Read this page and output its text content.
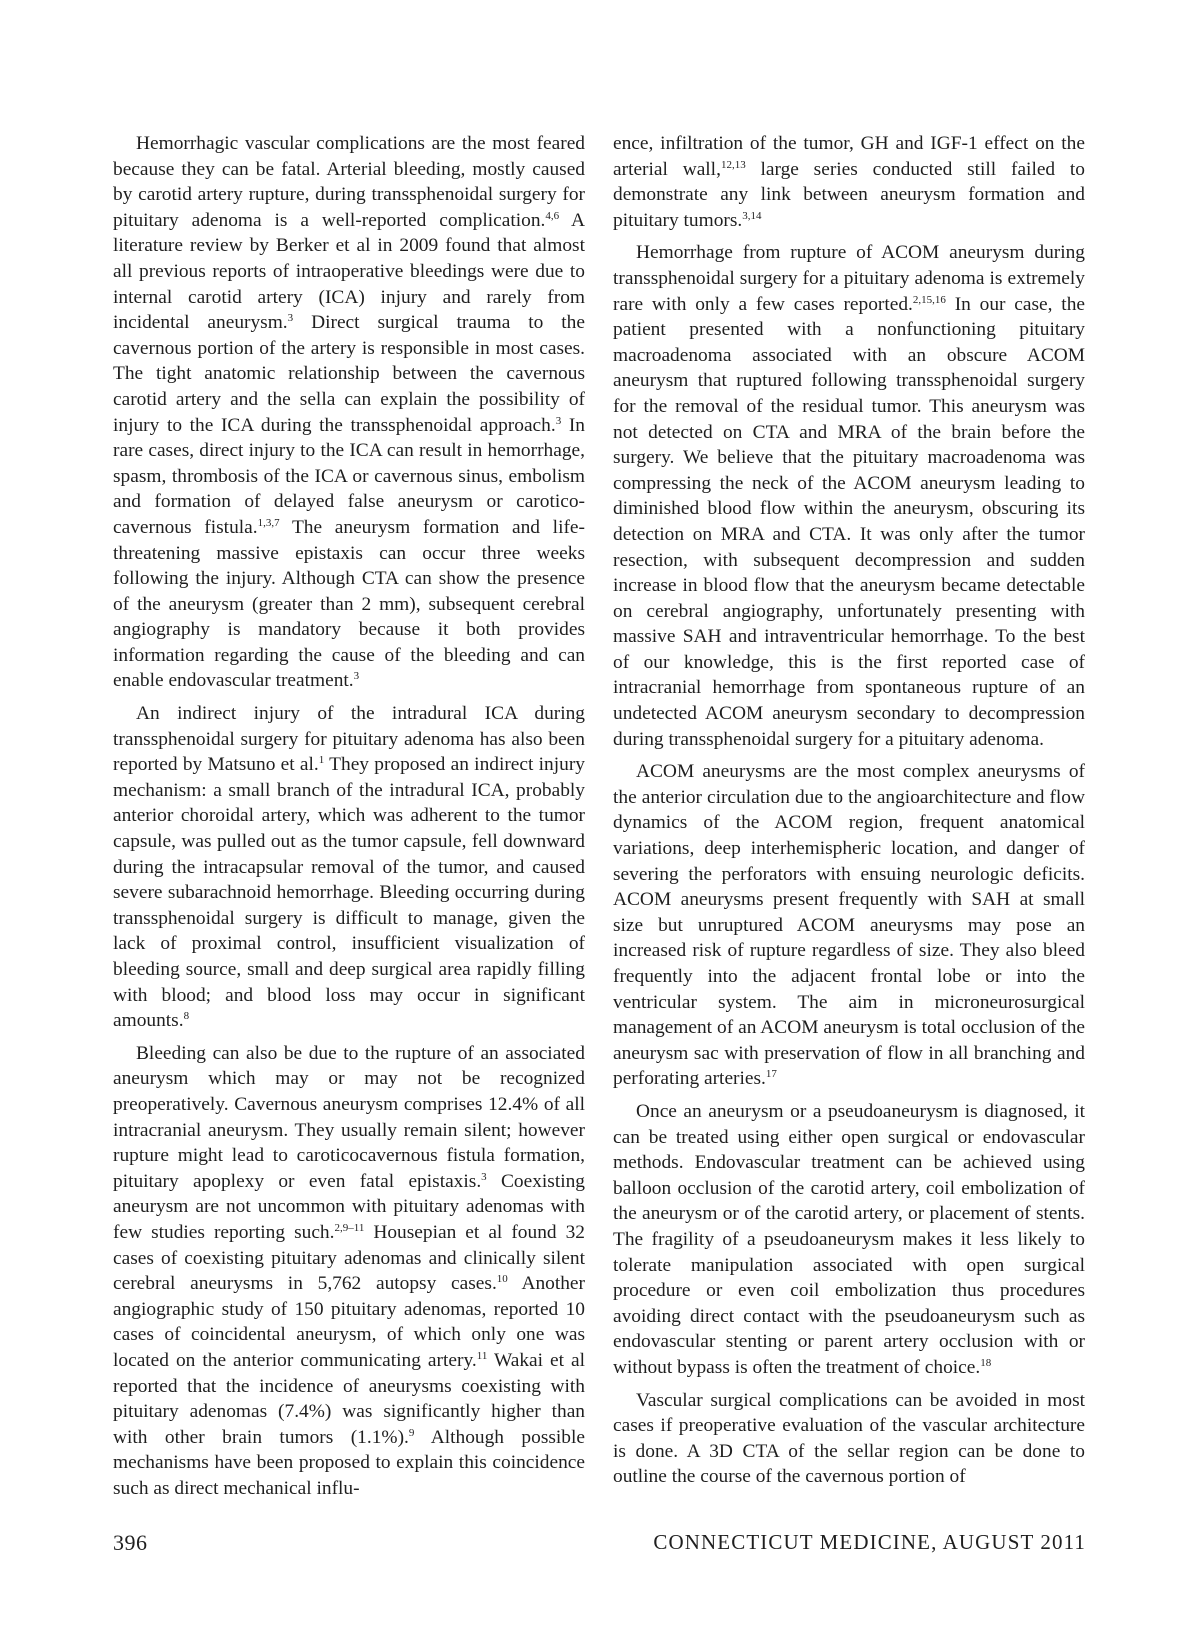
Hemorrhagic vascular complications are the most feared because they can be fatal. Arterial bleeding, mostly caused by carotid artery rupture, during transsphenoidal surgery for pituitary adenoma is a well-reported complication.$^{4,6}$ A literature review by Berker et al in 2009 found that almost all previous reports of intraoperative bleedings were due to internal carotid artery (ICA) injury and rarely from incidental aneurysm.$^3$ Direct surgical trauma to the cavernous portion of the artery is responsible in most cases. The tight anatomic relationship between the cavernous carotid artery and the sella can explain the possibility of injury to the ICA during the transsphenoidal approach.$^3$ In rare cases, direct injury to the ICA can result in hemorrhage, spasm, thrombosis of the ICA or cavernous sinus, embolism and formation of delayed false aneurysm or carotico-cavernous fistula.$^{1,3,7}$ The aneurysm formation and life-threatening massive epistaxis can occur three weeks following the injury. Although CTA can show the presence of the aneurysm (greater than 2 mm), subsequent cerebral angiography is mandatory because it both provides information regarding the cause of the bleeding and can enable endovascular treatment.$^3$

An indirect injury of the intradural ICA during transsphenoidal surgery for pituitary adenoma has also been reported by Matsuno et al.$^1$ They proposed an indirect injury mechanism: a small branch of the intradural ICA, probably anterior choroidal artery, which was adherent to the tumor capsule, was pulled out as the tumor capsule, fell downward during the intracapsular removal of the tumor, and caused severe subarachnoid hemorrhage. Bleeding occurring during transsphenoidal surgery is difficult to manage, given the lack of proximal control, insufficient visualization of bleeding source, small and deep surgical area rapidly filling with blood; and blood loss may occur in significant amounts.$^8$

Bleeding can also be due to the rupture of an associated aneurysm which may or may not be recognized preoperatively. Cavernous aneurysm comprises 12.4% of all intracranial aneurysm. They usually remain silent; however rupture might lead to caroticocavernous fistula formation, pituitary apoplexy or even fatal epistaxis.$^3$ Coexisting aneurysm are not uncommon with pituitary adenomas with few studies reporting such.$^{2,9-11}$ Housepian et al found 32 cases of coexisting pituitary adenomas and clinically silent cerebral aneurysms in 5,762 autopsy cases.$^{10}$ Another angiographic study of 150 pituitary adenomas, reported 10 cases of coincidental aneurysm, of which only one was located on the anterior communicating artery.$^{11}$ Wakai et al reported that the incidence of aneurysms coexisting with pituitary adenomas (7.4%) was significantly higher than with other brain tumors (1.1%).$^9$ Although possible mechanisms have been proposed to explain this coincidence such as direct mechanical influ-

ence, infiltration of the tumor, GH and IGF-1 effect on the arterial wall,$^{12,13}$ large series conducted still failed to demonstrate any link between aneurysm formation and pituitary tumors.$^{3,14}$

Hemorrhage from rupture of ACOM aneurysm during transsphenoidal surgery for a pituitary adenoma is extremely rare with only a few cases reported.$^{2,15,16}$ In our case, the patient presented with a nonfunctioning pituitary macroadenoma associated with an obscure ACOM aneurysm that ruptured following transsphenoidal surgery for the removal of the residual tumor. This aneurysm was not detected on CTA and MRA of the brain before the surgery. We believe that the pituitary macroadenoma was compressing the neck of the ACOM aneurysm leading to diminished blood flow within the aneurysm, obscuring its detection on MRA and CTA. It was only after the tumor resection, with subsequent decompression and sudden increase in blood flow that the aneurysm became detectable on cerebral angiography, unfortunately presenting with massive SAH and intraventricular hemorrhage. To the best of our knowledge, this is the first reported case of intracranial hemorrhage from spontaneous rupture of an undetected ACOM aneurysm secondary to decompression during transsphenoidal surgery for a pituitary adenoma.

ACOM aneurysms are the most complex aneurysms of the anterior circulation due to the angioarchitecture and flow dynamics of the ACOM region, frequent anatomical variations, deep interhemispheric location, and danger of severing the perforators with ensuing neurologic deficits. ACOM aneurysms present frequently with SAH at small size but unruptured ACOM aneurysms may pose an increased risk of rupture regardless of size. They also bleed frequently into the adjacent frontal lobe or into the ventricular system. The aim in microneurosurgical management of an ACOM aneurysm is total occlusion of the aneurysm sac with preservation of flow in all branching and perforating arteries.$^{17}$

Once an aneurysm or a pseudoaneurysm is diagnosed, it can be treated using either open surgical or endovascular methods. Endovascular treatment can be achieved using balloon occlusion of the carotid artery, coil embolization of the aneurysm or of the carotid artery, or placement of stents. The fragility of a pseudoaneurysm makes it less likely to tolerate manipulation associated with open surgical procedure or even coil embolization thus procedures avoiding direct contact with the pseudoaneurysm such as endovascular stenting or parent artery occlusion with or without bypass is often the treatment of choice.$^{18}$

Vascular surgical complications can be avoided in most cases if preoperative evaluation of the vascular architecture is done. A 3D CTA of the sellar region can be done to outline the course of the cavernous portion of

396	CONNECTICUT MEDICINE, AUGUST 2011
